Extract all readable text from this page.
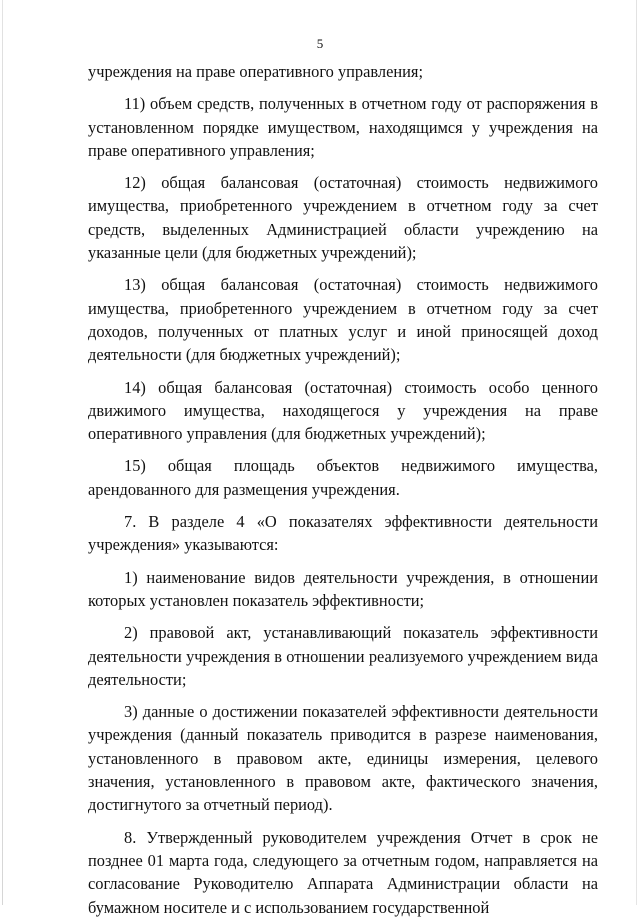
5

учреждения на праве оперативного управления;

11) объем средств, полученных в отчетном году от распоряжения в установленном порядке имуществом, находящимся у учреждения на праве оперативного управления;

12) общая балансовая (остаточная) стоимость недвижимого имущества, приобретенного учреждением в отчетном году за счет средств, выделенных Администрацией области учреждению на указанные цели (для бюджетных учреждений);

13) общая балансовая (остаточная) стоимость недвижимого имущества, приобретенного учреждением в отчетном году за счет доходов, полученных от платных услуг и иной приносящей доход деятельности (для бюджетных учреждений);

14) общая балансовая (остаточная) стоимость особо ценного движимого имущества, находящегося у учреждения на праве оперативного управления (для бюджетных учреждений);

15) общая площадь объектов недвижимого имущества, арендованного для размещения учреждения.

7. В разделе 4 «О показателях эффективности деятельности учреждения» указываются:

1) наименование видов деятельности учреждения, в отношении которых установлен показатель эффективности;

2) правовой акт, устанавливающий показатель эффективности деятельности учреждения в отношении реализуемого учреждением вида деятельности;

3) данные о достижении показателей эффективности деятельности учреждения (данный показатель приводится в разрезе наименования, установленного в правовом акте, единицы измерения, целевого значения, установленного в правовом акте, фактического значения, достигнутого за отчетный период).

8. Утвержденный руководителем учреждения Отчет в срок не позднее 01 марта года, следующего за отчетным годом, направляется на согласование Руководителю Аппарата Администрации области на бумажном носителе и с использованием государственной
